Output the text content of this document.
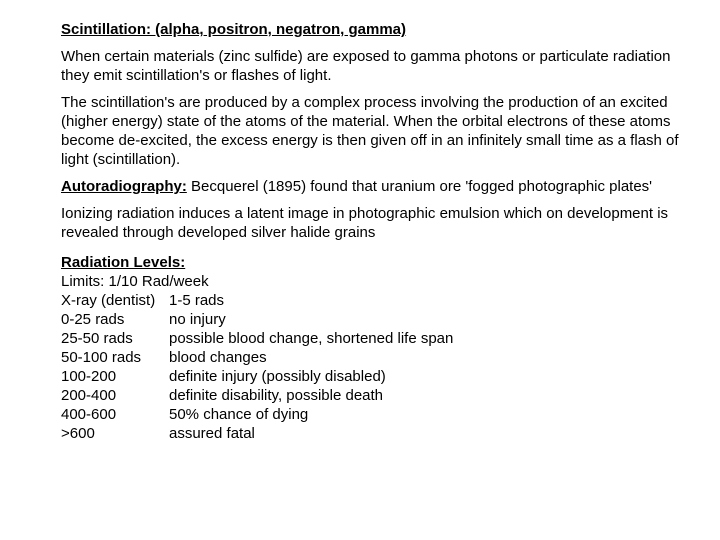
Scintillation: (alpha, positron, negatron, gamma)

When certain materials (zinc sulfide) are exposed to gamma photons or particulate radiation they emit scintillation's or flashes of light.

The scintillation's are produced by a complex process involving the production of an excited (higher energy) state of the atoms of the material. When the orbital electrons of these atoms become de-excited, the excess energy is then given off in an infinitely small time as a flash of light (scintillation).

Autoradiography: Becquerel (1895) found that uranium ore 'fogged photographic plates'

Ionizing radiation induces a latent image in photographic emulsion which on development is revealed through developed silver halide grains

Radiation Levels:
Limits: 1/10 Rad/week
X-ray (dentist) 1-5 rads
0-25 rads	no injury
25-50 rads	possible blood change, shortened life span
50-100 rads	blood changes
100-200	definite injury (possibly disabled)
200-400	definite disability, possible death
400-600	50% chance of dying
>600	assured fatal
